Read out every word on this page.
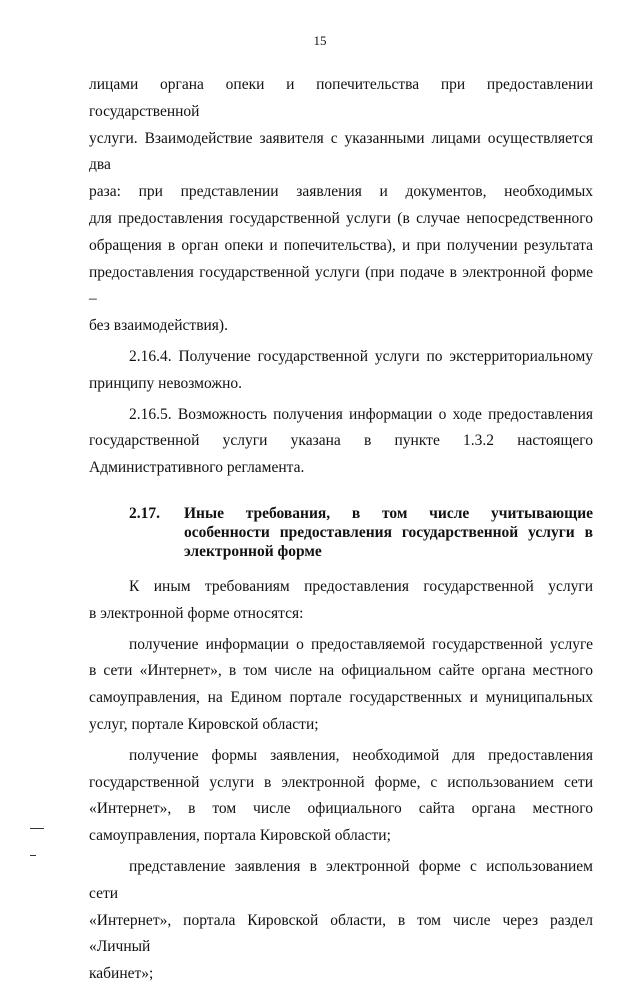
15
лицами органа опеки и попечительства при предоставлении государственной
услуги. Взаимодействие заявителя с указанными лицами осуществляется два
раза: при представлении заявления и документов, необходимых
для предоставления государственной услуги (в случае непосредственного
обращения в орган опеки и попечительства), и при получении результата
предоставления государственной услуги (при подаче в электронной форме –
без взаимодействия).
2.16.4. Получение государственной услуги по экстерриториальному
принципу невозможно.
2.16.5. Возможность получения информации о ходе предоставления
государственной услуги указана в пункте 1.3.2 настоящего
Административного регламента.
2.17.	Иные требования, в том числе учитывающие особенности предоставления государственной услуги в электронной форме
К иным требованиям предоставления государственной услуги
в электронной форме относятся:
получение информации о предоставляемой государственной услуге
в сети «Интернет», в том числе на официальном сайте органа местного
самоуправления, на Едином портале государственных и муниципальных
услуг, портале Кировской области;
получение формы заявления, необходимой для предоставления
государственной услуги в электронной форме, с использованием сети
«Интернет», в том числе официального сайта органа местного
самоуправления, портала Кировской области;
представление заявления в электронной форме с использованием сети
«Интернет», портала Кировской области, в том числе через раздел «Личный
кабинет»;
